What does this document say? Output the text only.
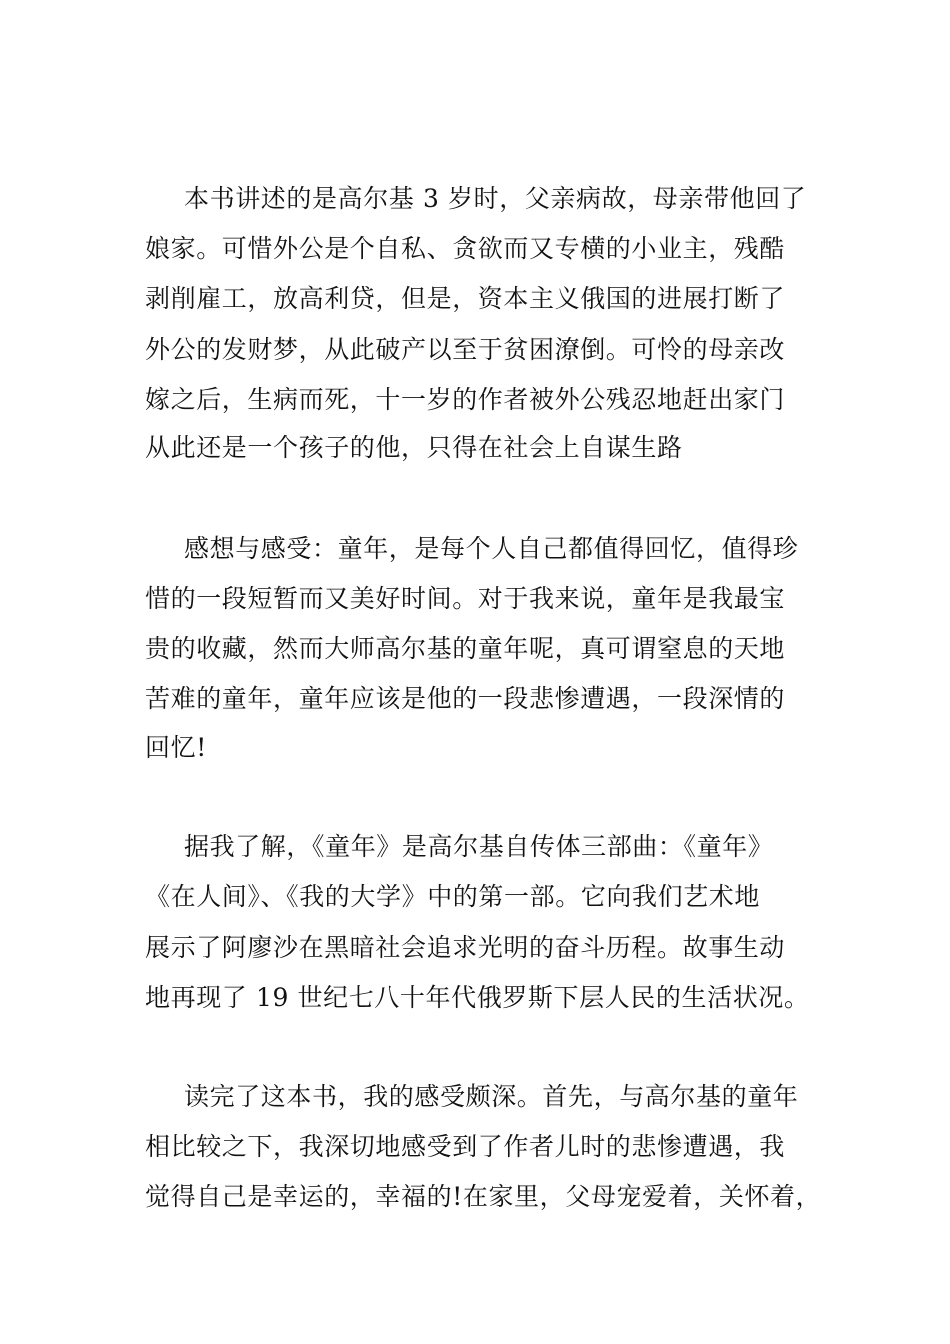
本书讲述的是高尔基 3 岁时，父亲病故，母亲带他回了
娘家。可惜外公是个自私、贪欲而又专横的小业主，残酷
剥削雇工，放高利贷，但是，资本主义俄国的进展打断了
外公的发财梦，从此破产以至于贫困潦倒。可怜的母亲改
嫁之后，生病而死，十一岁的作者被外公残忍地赶出家门
从此还是一个孩子的他，只得在社会上自谋生路
感想与感受：童年，是每个人自己都值得回忆，值得珍
惜的一段短暂而又美好时间。对于我来说，童年是我最宝
贵的收藏，然而大师高尔基的童年呢，真可谓窒息的天地
苦难的童年，童年应该是他的一段悲惨遭遇，一段深情的
回忆!
据我了解，《童年》是高尔基自传体三部曲：《童年》
《在人间》、《我的大学》中的第一部。它向我们艺术地
展示了阿廖沙在黑暗社会追求光明的奋斗历程。故事生动
地再现了 19 世纪七八十年代俄罗斯下层人民的生活状况。
读完了这本书，我的感受颇深。首先，与高尔基的童年
相比较之下，我深切地感受到了作者儿时的悲惨遭遇，我
觉得自己是幸运的，幸福的!在家里，父母宠爱着，关怀着，
